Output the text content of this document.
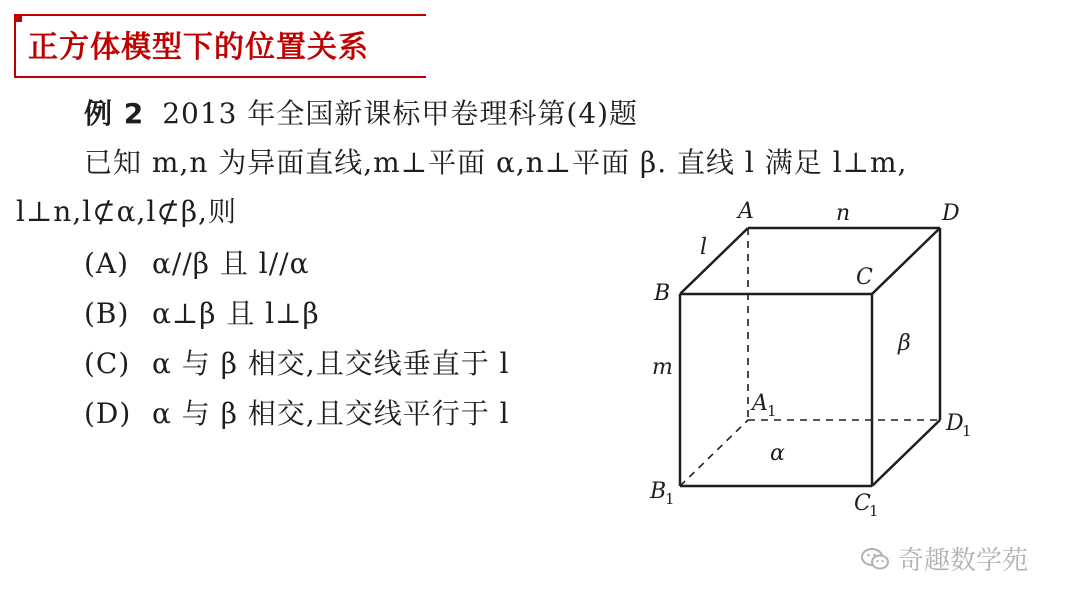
正方体模型下的位置关系
例 2 2013 年全国新课标甲卷理科第(4)题
已知 m,n 为异面直线,m⊥平面 α,n⊥平面 β. 直线 l 满足 l⊥m,
l⊥n,l⊄α,l⊄β,则
(A) α//β 且 l//α
(B) α⊥β 且 l⊥β
(C) α 与 β 相交,且交线垂直于 l
(D) α 与 β 相交,且交线平行于 l
A	D
B
C
A 1	D
1
B
1	C
1
n
l
m
β
α
奇趣数学苑
